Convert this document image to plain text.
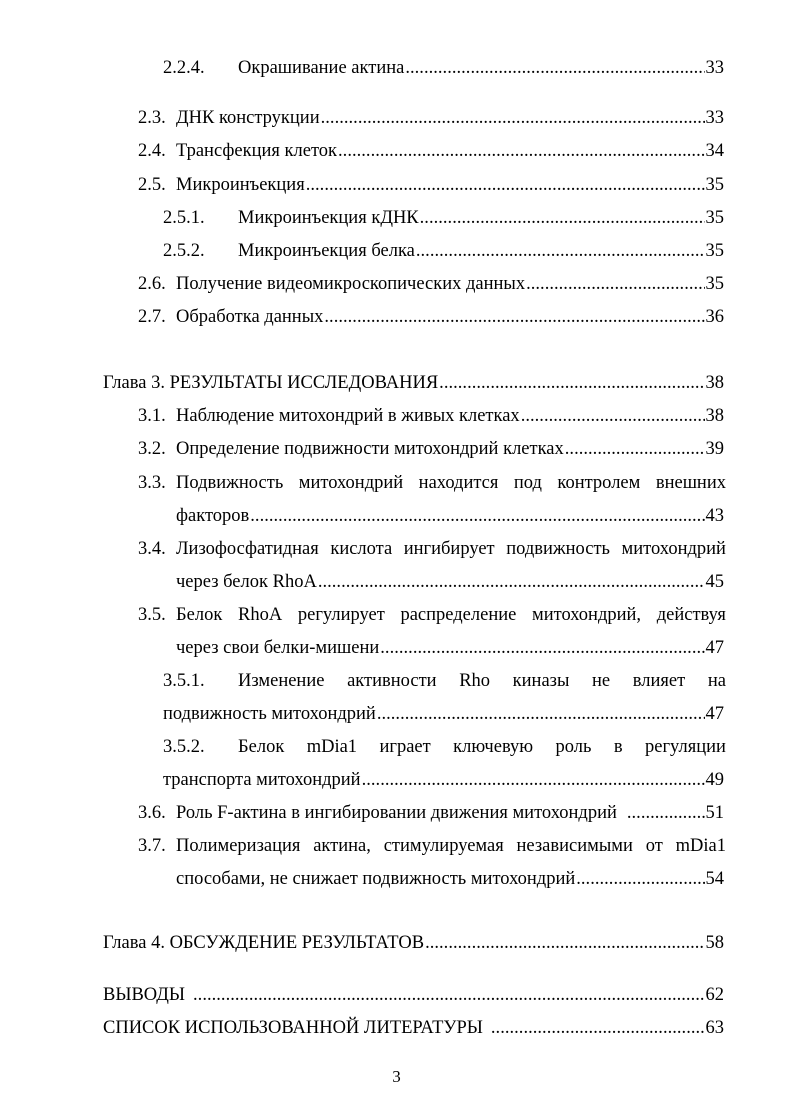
2.2.4.	Окрашивание актина . . .	33
2.3. ДНК конструкции . . .	33
2.4. Трансфекция клеток . . .	34
2.5. Микроинъекция . . .	35
2.5.1.	Микроинъекция кДНК . . .	35
2.5.2.	Микроинъекция белка . . .	35
2.6. Получение видеомикроскопических данных . . .	35
2.7. Обработка данных . . .	36
Глава 3. РЕЗУЛЬТАТЫ ИССЛЕДОВАНИЯ . . .	38
3.1. Наблюдение митохондрий в живых клетках . . .	38
3.2. Определение подвижности митохондрий клетках . . .	39
3.3. Подвижность митохондрий находится под контролем внешних
факторов . . .	43
3.4. Лизофосфатидная кислота ингибирует подвижность митохондрий
через белок RhoA . . .	45
3.5. Белок RhoA регулирует распределение митохондрий, действуя
через свои белки-мишени . . .	47
3.5.1.	Изменение активности Rho киназы не влияет на
подвижность митохондрий . . .	47
3.5.2.	Белок mDia1 играет ключевую роль в регуляции
транспорта митохондрий . . .	49
3.6. Роль F-актина в ингибировании движения митохондрий . . .	51
3.7. Полимеризация актина, стимулируемая независимыми от mDia1
способами, не снижает подвижность митохондрий . . .	54
Глава 4. ОБСУЖДЕНИЕ РЕЗУЛЬТАТОВ . . .	58
ВЫВОДЫ . . .	62
СПИСОК ИСПОЛЬЗОВАННОЙ ЛИТЕРАТУРЫ . . .	63
3
